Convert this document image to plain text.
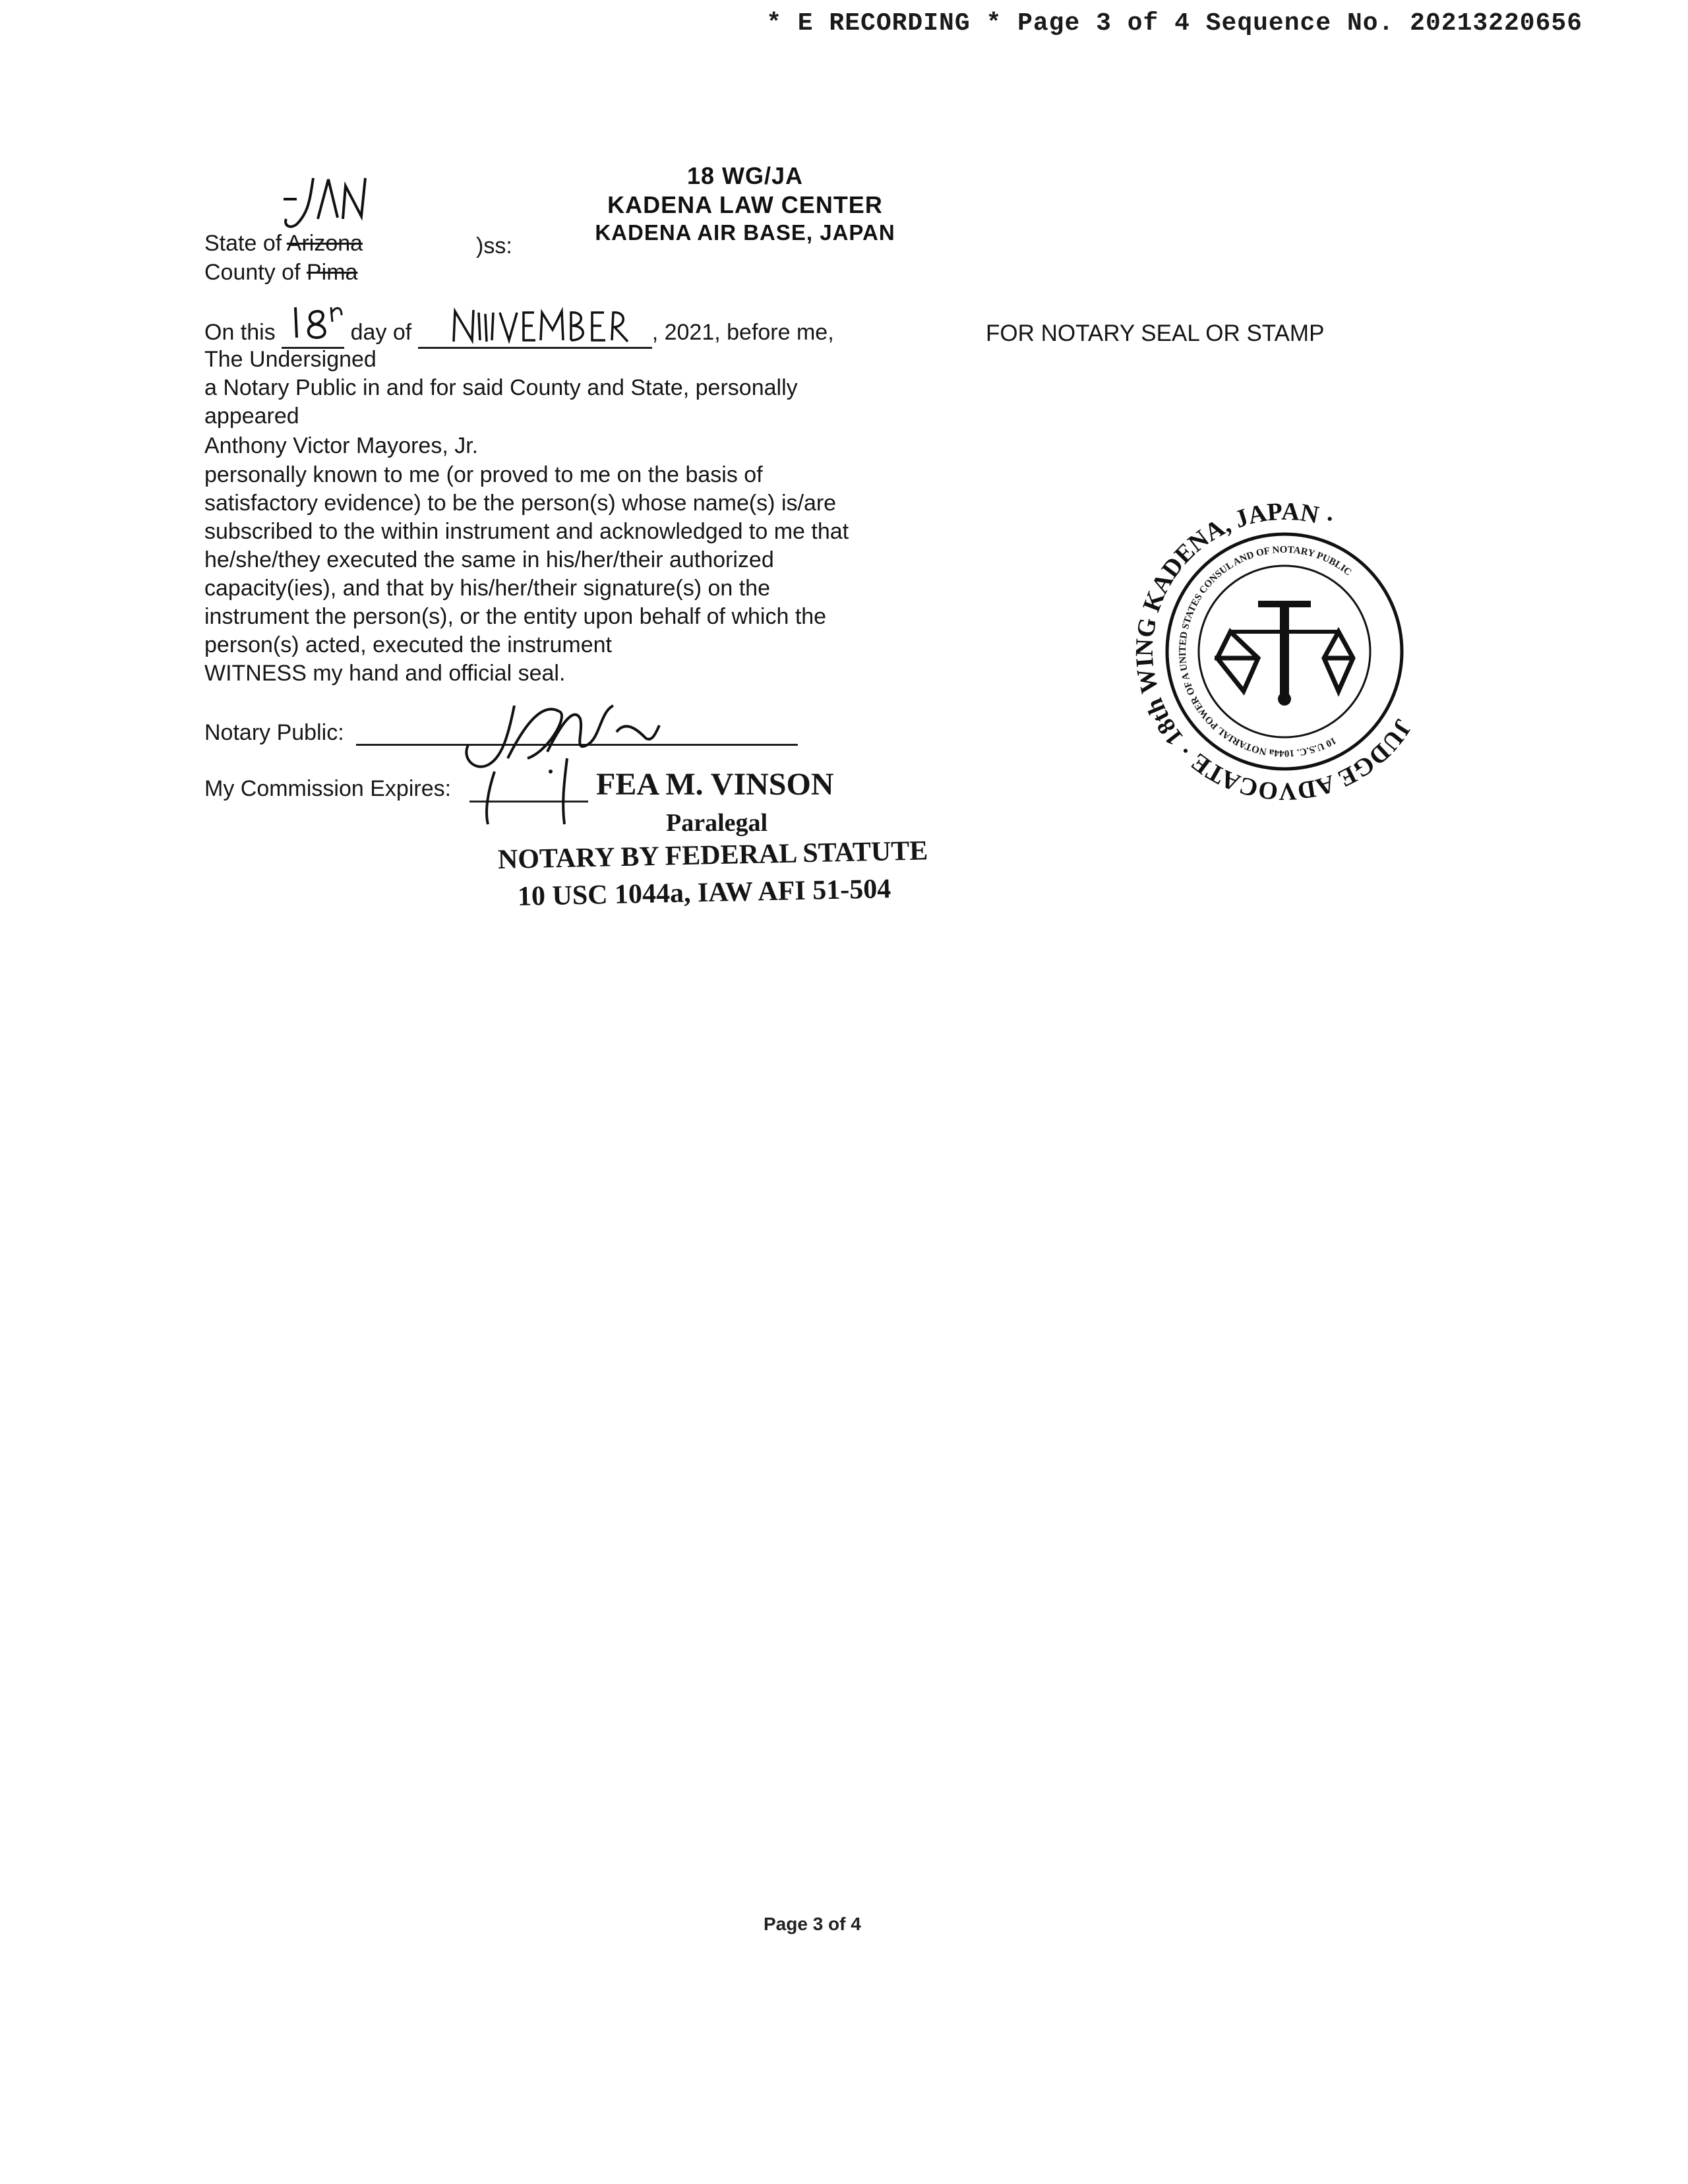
* E RECORDING * Page 3 of 4 Sequence No. 20213220656
18 WG/JA
KADENA LAW CENTER
KADENA AIR BASE, JAPAN
State of Arizona	)ss:
County of Pima
On this	day of	, 2021, before me,
The Undersigned
a Notary Public in and for said County and State, personally
appeared
Anthony Victor Mayores, Jr.
personally known to me (or proved to me on the basis of
satisfactory evidence) to be the person(s) whose name(s) is/are
subscribed to the within instrument and acknowledged to me that
he/she/they executed the same in his/her/their authorized
capacity(ies), and that by his/her/their signature(s) on the
instrument the person(s), or the entity upon behalf of which the
person(s) acted, executed the instrument
WITNESS my hand and official seal.
Notary Public:
My Commission Expires:	FEA M. VINSON
Paralegal
NOTARY BY FEDERAL STATUTE
10 USC 1044a, IAW AFI 51-504
FOR NOTARY SEAL OR STAMP
JUDGE ADVOCATE · 18th WING KADENA, JAPAN ·
10 U.S.C. 1044a NOTARIAL POWER OF A UNITED STATES CONSUL AND OF NOTARY PUBLIC
Page 3 of 4
